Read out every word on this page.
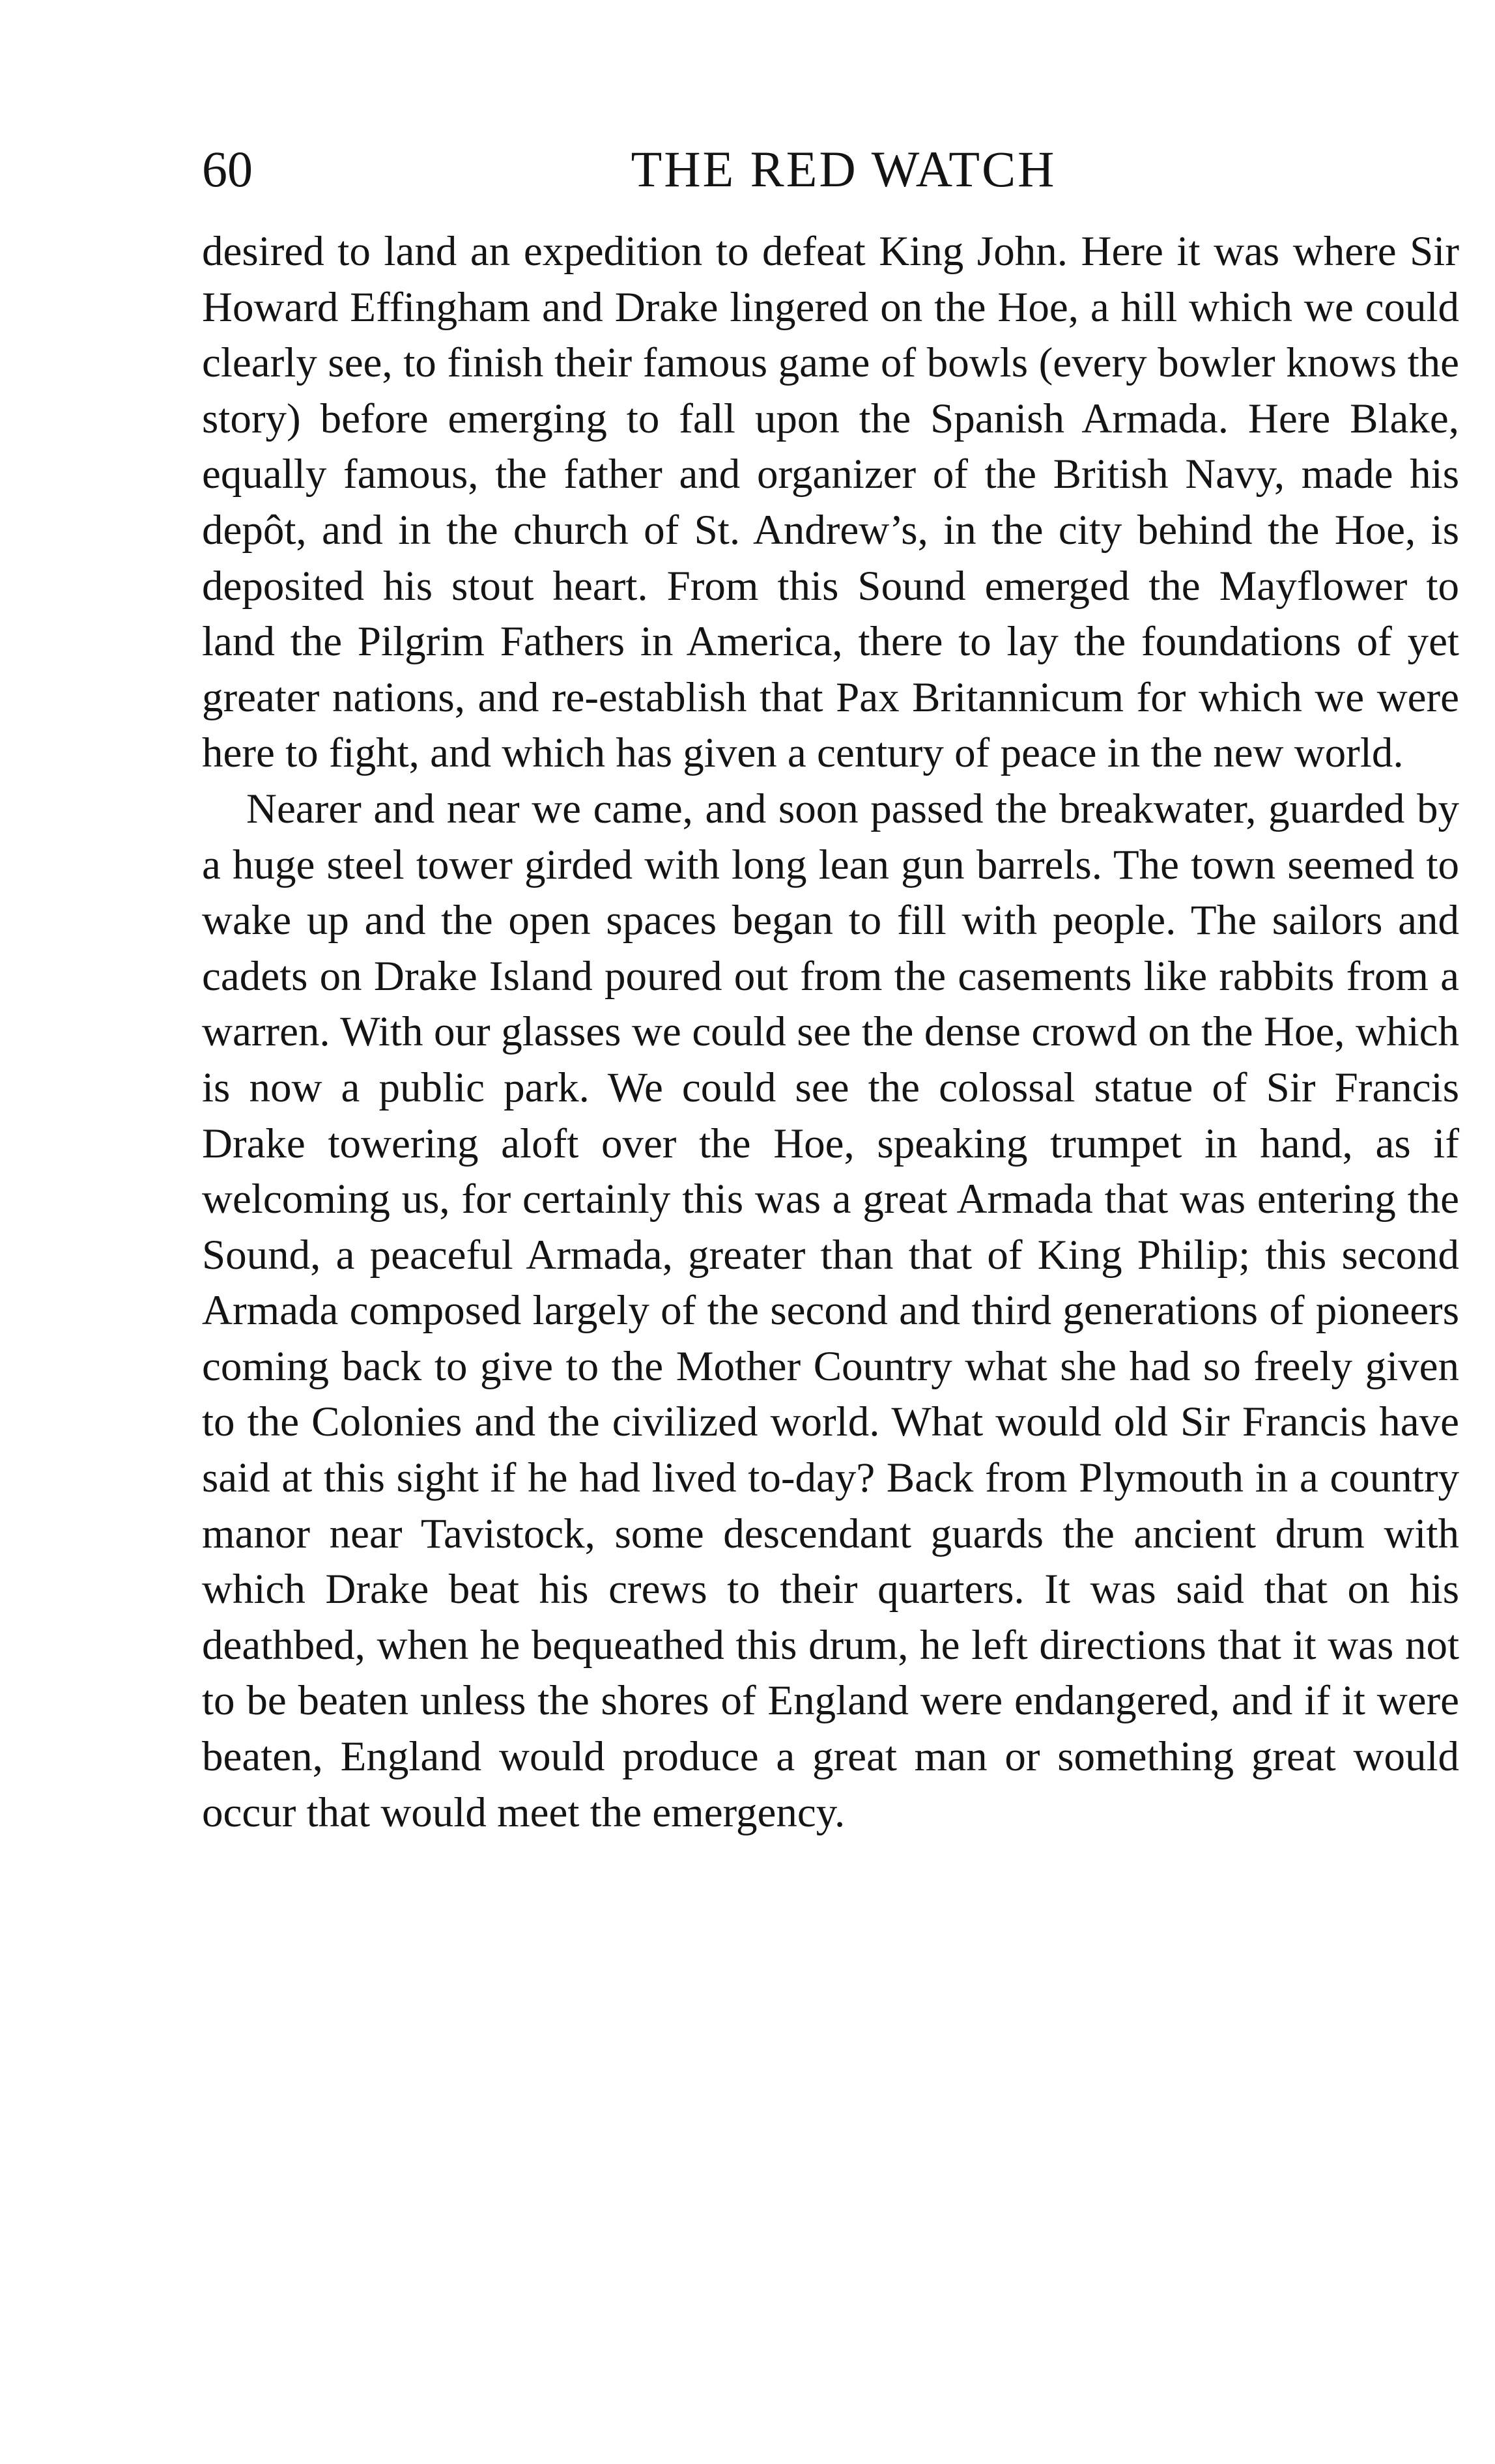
60	THE RED WATCH

desired to land an expedition to defeat King John. Here it was where Sir Howard Effingham and Drake lingered on the Hoe, a hill which we could clearly see, to finish their famous game of bowls (every bowler knows the story) before emerging to fall upon the Spanish Armada. Here Blake, equally famous, the father and organizer of the British Navy, made his depôt, and in the church of St. Andrew’s, in the city behind the Hoe, is deposited his stout heart. From this Sound emerged the Mayflower to land the Pilgrim Fathers in America, there to lay the foundations of yet greater nations, and re-establish that Pax Britannicum for which we were here to fight, and which has given a century of peace in the new world.

Nearer and near we came, and soon passed the breakwater, guarded by a huge steel tower girded with long lean gun barrels. The town seemed to wake up and the open spaces began to fill with people. The sailors and cadets on Drake Island poured out from the casements like rabbits from a warren. With our glasses we could see the dense crowd on the Hoe, which is now a public park. We could see the colossal statue of Sir Francis Drake towering aloft over the Hoe, speaking trumpet in hand, as if welcoming us, for certainly this was a great Armada that was entering the Sound, a peaceful Armada, greater than that of King Philip; this second Armada composed largely of the second and third generations of pioneers coming back to give to the Mother Country what she had so freely given to the Colonies and the civilized world. What would old Sir Francis have said at this sight if he had lived to-day? Back from Plymouth in a country manor near Tavistock, some descendant guards the ancient drum with which Drake beat his crews to their quarters. It was said that on his deathbed, when he bequeathed this drum, he left directions that it was not to be beaten unless the shores of England were endangered, and if it were beaten, England would produce a great man or something great would occur that would meet the emergency.
